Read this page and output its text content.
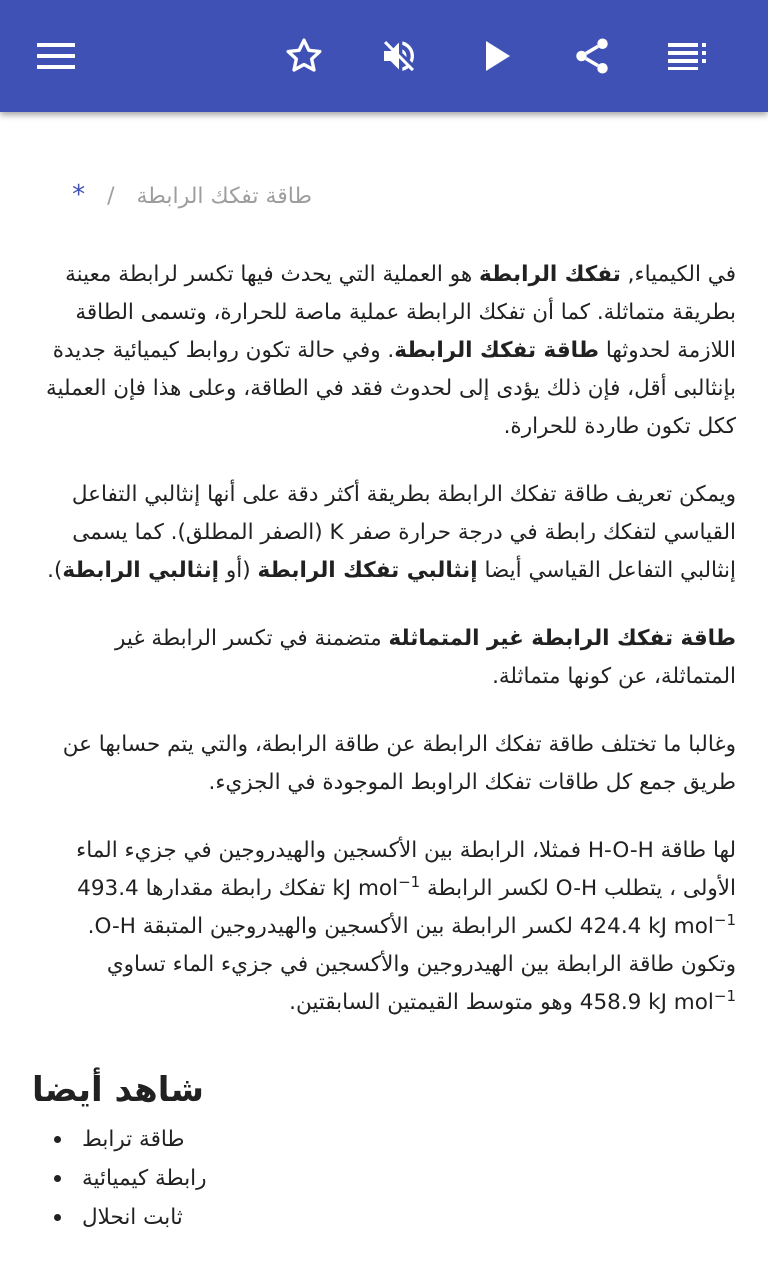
طاقة تفكك الرابطة/*

في الكيمياء, تفكك الرابطة هو العملية التي يحدث فيها تكسر لرابطة معينة بطريقة متماثلة. كما أن تفكك الرابطة عملية ماصة للحرارة، وتسمى الطاقة اللازمة لحدوثها طاقة تفكك الرابطة. وفي حالة تكون روابط كيميائية جديدة بإنثالبى أقل، فإن ذلك يؤدى إلى لحدوث فقد في الطاقة، وعلى هذا فإن العملية ككل تكون طاردة للحرارة.

ويمكن تعريف طاقة تفكك الرابطة بطريقة أكثر دقة على أنها إنثالبي التفاعل القياسي لتفكك رابطة في درجة حرارة صفر K (الصفر المطلق). كما يسمى إنثالبي التفاعل القياسي أيضا إنثالبي تفكك الرابطة (أو إنثالبي الرابطة).

طاقة تفكك الرابطة غير المتماثلة متضمنة في تكسر الرابطة غير المتماثلة، عن كونها متماثلة.

وغالبا ما تختلف طاقة تفكك الرابطة عن طاقة الرابطة، والتي يتم حسابها عن طريق جمع كل طاقات تفكك الراوبط الموجودة في الجزيء.

لها طاقة H-O-H فمثلا، الرابطة بين الأكسجين والهيدروجين في جزيء الماء
الأولى ، يتطلب O-H لكسر الرابطة kJ mol$^{-1}$ تفكك رابطة مقدارها 493.4
424.4 kJ mol$^{-1}$ لكسر الرابطة بين الأكسجين والهيدروجين المتبقة O-H.
وتكون طاقة الرابطة بين الهيدروجين والأكسجين في جزيء الماء تساوي
458.9 kJ mol$^{-1}$ وهو متوسط القيمتين السابقتين.

شاهد أيضا
طاقة ترابط
رابطة كيميائية
ثابت انحلال
